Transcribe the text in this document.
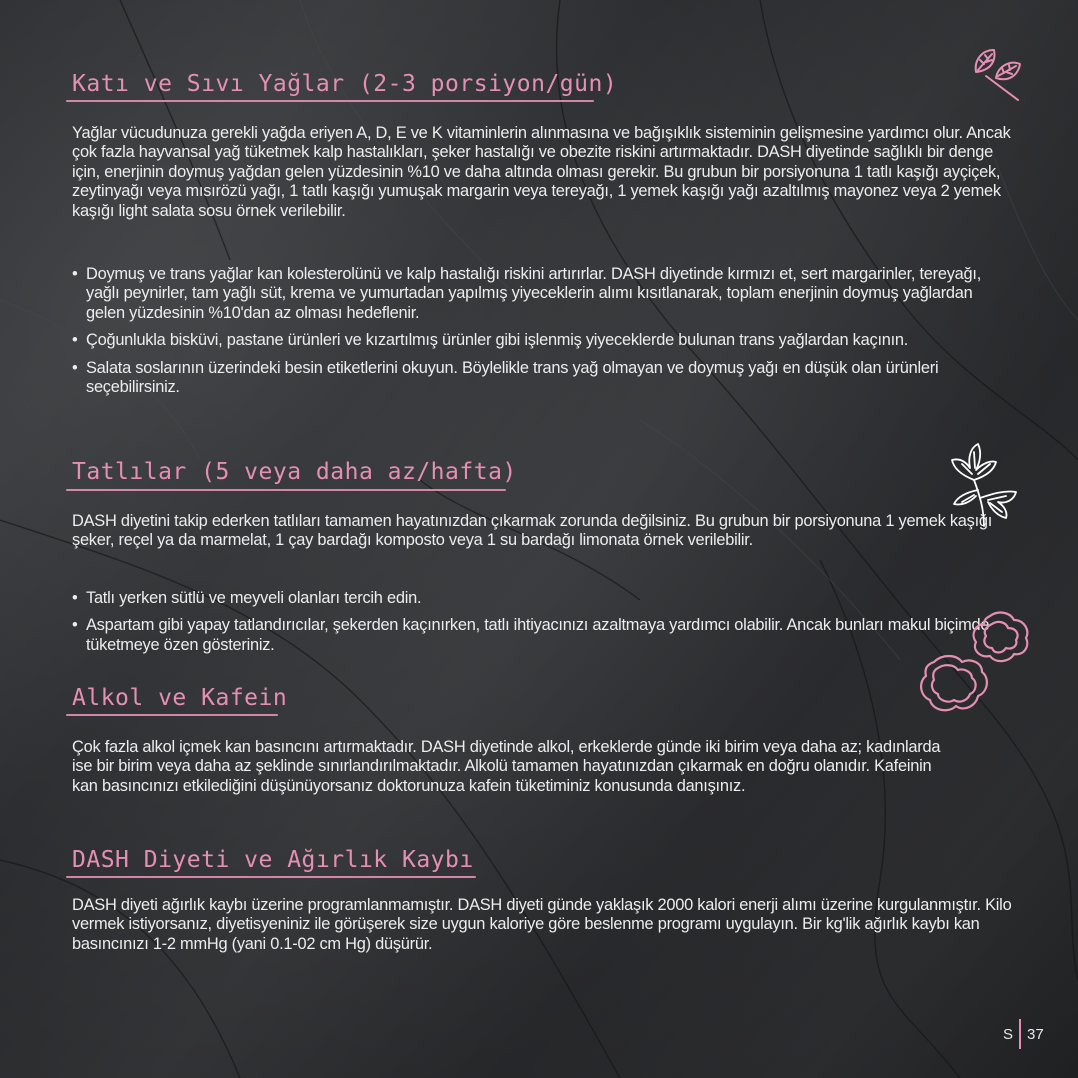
Katı ve Sıvı Yağlar (2-3 porsiyon/gün)

Yağlar vücudunuza gerekli yağda eriyen A, D, E ve K vitaminlerin alınmasına ve bağışıklık sisteminin gelişmesine yardımcı olur. Ancak çok fazla hayvansal yağ tüketmek kalp hastalıkları, şeker hastalığı ve obezite riskini artırmaktadır. DASH diyetinde sağlıklı bir denge için, enerjinin doymuş yağdan gelen yüzdesinin %10 ve daha altında olması gerekir. Bu grubun bir porsiyonuna 1 tatlı kaşığı ayçiçek, zeytinyağı veya mısırözü yağı, 1 tatlı kaşığı yumuşak margarin veya tereyağı, 1 yemek kaşığı yağı azaltılmış mayonez veya 2 yemek kaşığı light salata sosu örnek verilebilir.

• Doymuş ve trans yağlar kan kolesterolünü ve kalp hastalığı riskini artırırlar. DASH diyetinde kırmızı et, sert margarinler, tereyağı, yağlı peynirler, tam yağlı süt, krema ve yumurtadan yapılmış yiyeceklerin alımı kısıtlanarak, toplam enerjinin doymuş yağlardan gelen yüzdesinin %10'dan az olması hedeflenir.
• Çoğunlukla bisküvi, pastane ürünleri ve kızartılmış ürünler gibi işlenmiş yiyeceklerde bulunan trans yağlardan kaçının.
• Salata soslarının üzerindeki besin etiketlerini okuyun. Böylelikle trans yağ olmayan ve doymuş yağı en düşük olan ürünleri seçebilirsiniz.
Tatlılar (5 veya daha az/hafta)

DASH diyetini takip ederken tatlıları tamamen hayatınızdan çıkarmak zorunda değilsiniz. Bu grubun bir porsiyonuna 1 yemek kaşığı şeker, reçel ya da marmelat, 1 çay bardağı komposto veya 1 su bardağı limonata örnek verilebilir.

• Tatlı yerken sütlü ve meyveli olanları tercih edin.
• Aspartam gibi yapay tatlandırıcılar, şekerden kaçınırken, tatlı ihtiyacınızı azaltmaya yardımcı olabilir. Ancak bunları makul biçimde tüketmeye özen gösteriniz.
Alkol ve Kafein

Çok fazla alkol içmek kan basıncını artırmaktadır. DASH diyetinde alkol, erkeklerde günde iki birim veya daha az; kadınlarda ise bir birim veya daha az şeklinde sınırlandırılmaktadır. Alkolü tamamen hayatınızdan çıkarmak en doğru olanıdır. Kafeinin kan basıncınızı etkilediğini düşünüyorsanız doktorunuza kafein tüketiminiz konusunda danışınız.

DASH Diyeti ve Ağırlık Kaybı

DASH diyeti ağırlık kaybı üzerine programlanmamıştır. DASH diyeti günde yaklaşık 2000 kalori enerji alımı üzerine kurgulanmıştır. Kilo vermek istiyorsanız, diyetisyeniniz ile görüşerek size uygun kaloriye göre beslenme programı uygulayın. Bir kg'lik ağırlık kaybı kan basıncınızı 1-2 mmHg (yani 0.1-02 cm Hg) düşürür.

S 37
